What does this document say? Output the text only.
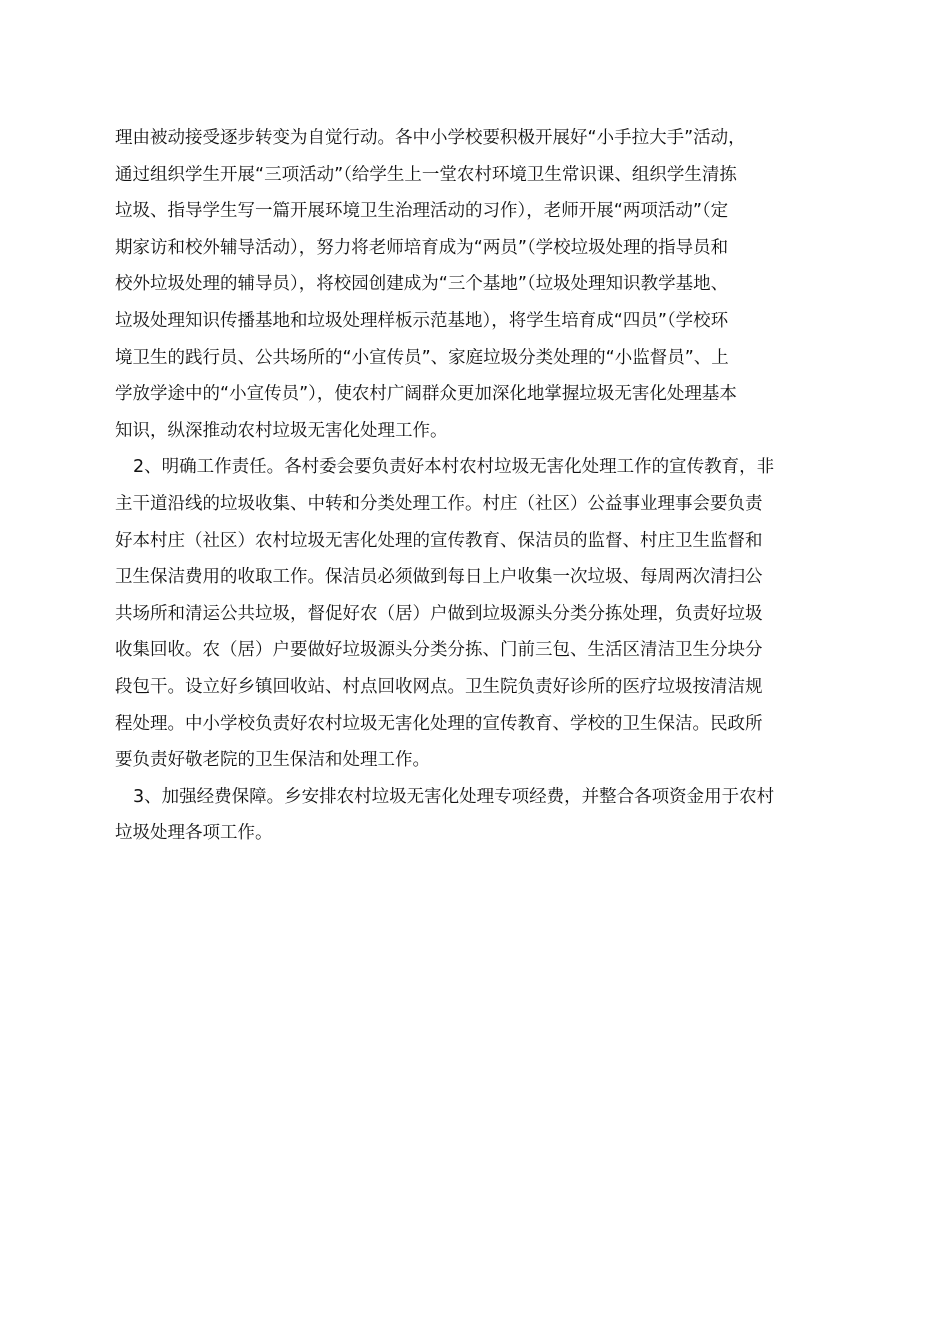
理由被动接受逐步转变为自觉行动。各中小学校要积极开展好“小手拉大手”活动，
通过组织学生开展“三项活动”（给学生上一堂农村环境卫生常识课、组织学生清拣
垃圾、指导学生写一篇开展环境卫生治理活动的习作），老师开展“两项活动”（定
期家访和校外辅导活动），努力将老师培育成为“两员”（学校垃圾处理的指导员和
校外垃圾处理的辅导员），将校园创建成为“三个基地”（垃圾处理知识教学基地、
垃圾处理知识传播基地和垃圾处理样板示范基地），将学生培育成“四员”（学校环
境卫生的践行员、公共场所的“小宣传员”、家庭垃圾分类处理的“小监督员”、上
学放学途中的“小宣传员”），使农村广阔群众更加深化地掌握垃圾无害化处理基本
知识，纵深推动农村垃圾无害化处理工作。

2、明确工作责任。各村委会要负责好本村农村垃圾无害化处理工作的宣传教育，非
主干道沿线的垃圾收集、中转和分类处理工作。村庄（社区）公益事业理事会要负责
好本村庄（社区）农村垃圾无害化处理的宣传教育、保洁员的监督、村庄卫生监督和
卫生保洁费用的收取工作。保洁员必须做到每日上户收集一次垃圾、每周两次清扫公
共场所和清运公共垃圾，督促好农（居）户做到垃圾源头分类分拣处理，负责好垃圾
收集回收。农（居）户要做好垃圾源头分类分拣、门前三包、生活区清洁卫生分块分
段包干。设立好乡镇回收站、村点回收网点。卫生院负责好诊所的医疗垃圾按清洁规
程处理。中小学校负责好农村垃圾无害化处理的宣传教育、学校的卫生保洁。民政所
要负责好敬老院的卫生保洁和处理工作。

3、加强经费保障。乡安排农村垃圾无害化处理专项经费，并整合各项资金用于农村
垃圾处理各项工作。
